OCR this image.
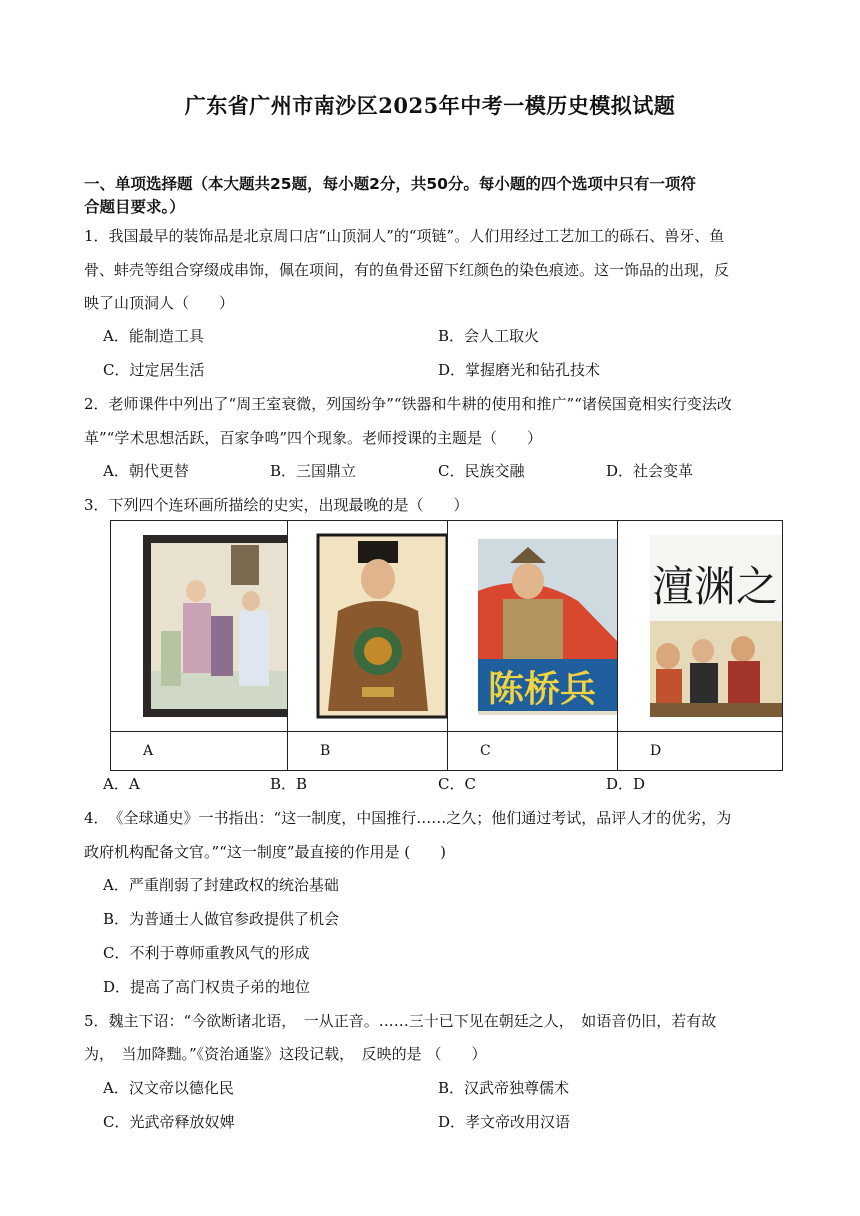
广东省广州市南沙区2025年中考一模历史模拟试题
一、单项选择题（本大题共25题，每小题2分，共50分。每小题的四个选项中只有一项符
合题目要求。）
1．我国最早的装饰品是北京周口店“山顶洞人”的“项链”。人们用经过工艺加工的砾石、兽牙、鱼
骨、蚌壳等组合穿缀成串饰，佩在项间，有的鱼骨还留下红颜色的染色痕迹。这一饰品的出现，反
映了山顶洞人（　　）
A．能制造工具	B．会人工取火
C．过定居生活	D．掌握磨光和钻孔技术
2．老师课件中列出了“周王室衰微，列国纷争”“铁器和牛耕的使用和推广”“诸侯国竟相实行变法改
革”“学术思想活跃，百家争鸣”四个现象。老师授课的主题是（　　）
A．朝代更替	B．三国鼎立	C．民族交融	D．社会变革
3．下列四个连环画所描绘的史实，出现最晚的是（　　）

陈桥兵	澶渊之

A	B	C	D
A．A	B．B	C．C	D．D
4．　《全球通史》一书指出：“这一制度，中国推行……之久；他们通过考试，品评人才的优劣，为
政府机构配备文官。”“这一制度”最直接的作用是 (　　)
A．严重削弱了封建政权的统治基础
B．为普通士人做官参政提供了机会
C．不利于尊师重教风气的形成
D．提高了高门权贵子弟的地位
5．魏主下诏：“今欲断诸北语，　一从正音。……三十已下见在朝廷之人，　如语音仍旧，若有故
为，　当加降黜。”《资治通鉴》这段记载，　反映的是 （　　）
A．汉文帝以德化民	B．汉武帝独尊儒术
C．光武帝释放奴婢	D．孝文帝改用汉语
